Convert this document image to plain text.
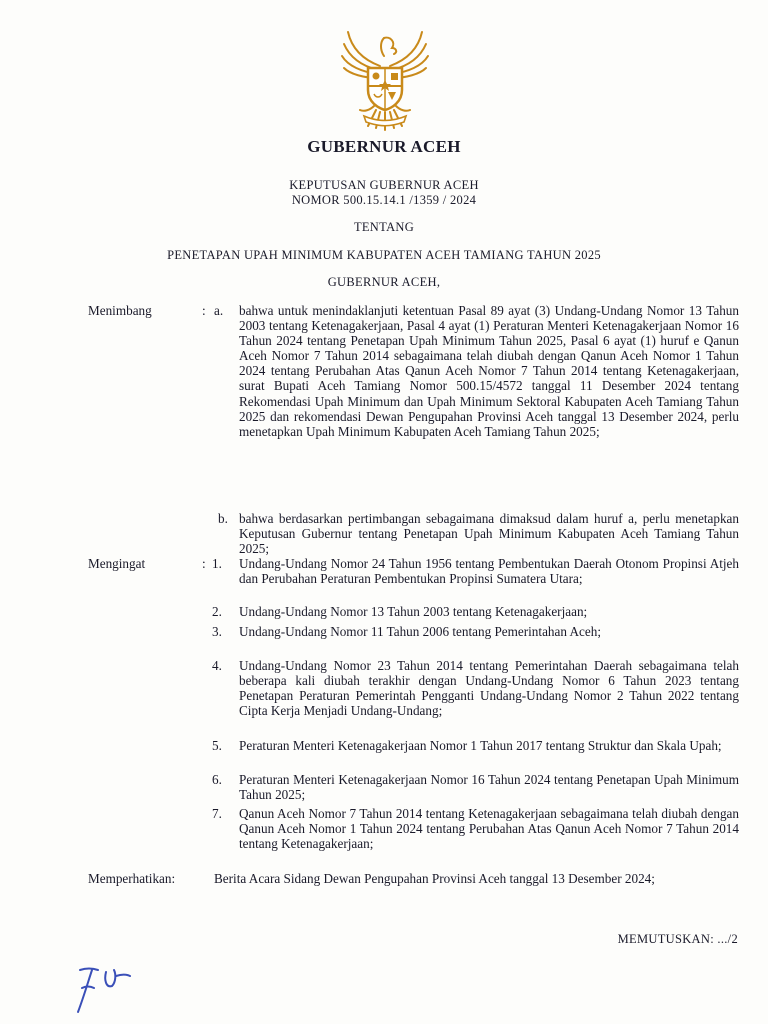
GUBERNUR ACEH
KEPUTUSAN GUBERNUR ACEH
NOMOR 500.15.14.1 /1359 / 2024
TENTANG
PENETAPAN UPAH MINIMUM KABUPATEN ACEH TAMIANG TAHUN 2025
GUBERNUR ACEH,
Menimbang	: a. bahwa untuk menindaklanjuti ketentuan Pasal 89 ayat (3) Undang-Undang Nomor 13 Tahun 2003 tentang Ketenagakerjaan, Pasal 4 ayat (1) Peraturan Menteri Ketenagakerjaan Nomor 16 Tahun 2024 tentang Penetapan Upah Minimum Tahun 2025, Pasal 6 ayat (1) huruf e Qanun Aceh Nomor 7 Tahun 2014 sebagaimana telah diubah dengan Qanun Aceh Nomor 1 Tahun 2024 tentang Perubahan Atas Qanun Aceh Nomor 7 Tahun 2014 tentang Ketenagakerjaan, surat Bupati Aceh Tamiang Nomor 500.15/4572 tanggal 11 Desember 2024 tentang Rekomendasi Upah Minimum dan Upah Minimum Sektoral Kabupaten Aceh Tamiang Tahun 2025 dan rekomendasi Dewan Pengupahan Provinsi Aceh tanggal 13 Desember 2024, perlu menetapkan Upah Minimum Kabupaten Aceh Tamiang Tahun 2025;
b. bahwa berdasarkan pertimbangan sebagaimana dimaksud dalam huruf a, perlu menetapkan Keputusan Gubernur tentang Penetapan Upah Minimum Kabupaten Aceh Tamiang Tahun 2025;
Mengingat	: 1. Undang-Undang Nomor 24 Tahun 1956 tentang Pembentukan Daerah Otonom Propinsi Atjeh dan Perubahan Peraturan Pembentukan Propinsi Sumatera Utara;
2. Undang-Undang Nomor 13 Tahun 2003 tentang Ketenagakerjaan;
3. Undang-Undang Nomor 11 Tahun 2006 tentang Pemerintahan Aceh;
4. Undang-Undang Nomor 23 Tahun 2014 tentang Pemerintahan Daerah sebagaimana telah beberapa kali diubah terakhir dengan Undang-Undang Nomor 6 Tahun 2023 tentang Penetapan Peraturan Pemerintah Pengganti Undang-Undang Nomor 2 Tahun 2022 tentang Cipta Kerja Menjadi Undang-Undang;
5. Peraturan Menteri Ketenagakerjaan Nomor 1 Tahun 2017 tentang Struktur dan Skala Upah;
6. Peraturan Menteri Ketenagakerjaan Nomor 16 Tahun 2024 tentang Penetapan Upah Minimum Tahun 2025;
7. Qanun Aceh Nomor 7 Tahun 2014 tentang Ketenagakerjaan sebagaimana telah diubah dengan Qanun Aceh Nomor 1 Tahun 2024 tentang Perubahan Atas Qanun Aceh Nomor 7 Tahun 2014 tentang Ketenagakerjaan;
Memperhatikan:	Berita Acara Sidang Dewan Pengupahan Provinsi Aceh tanggal 13 Desember 2024;
MEMUTUSKAN: .../2
